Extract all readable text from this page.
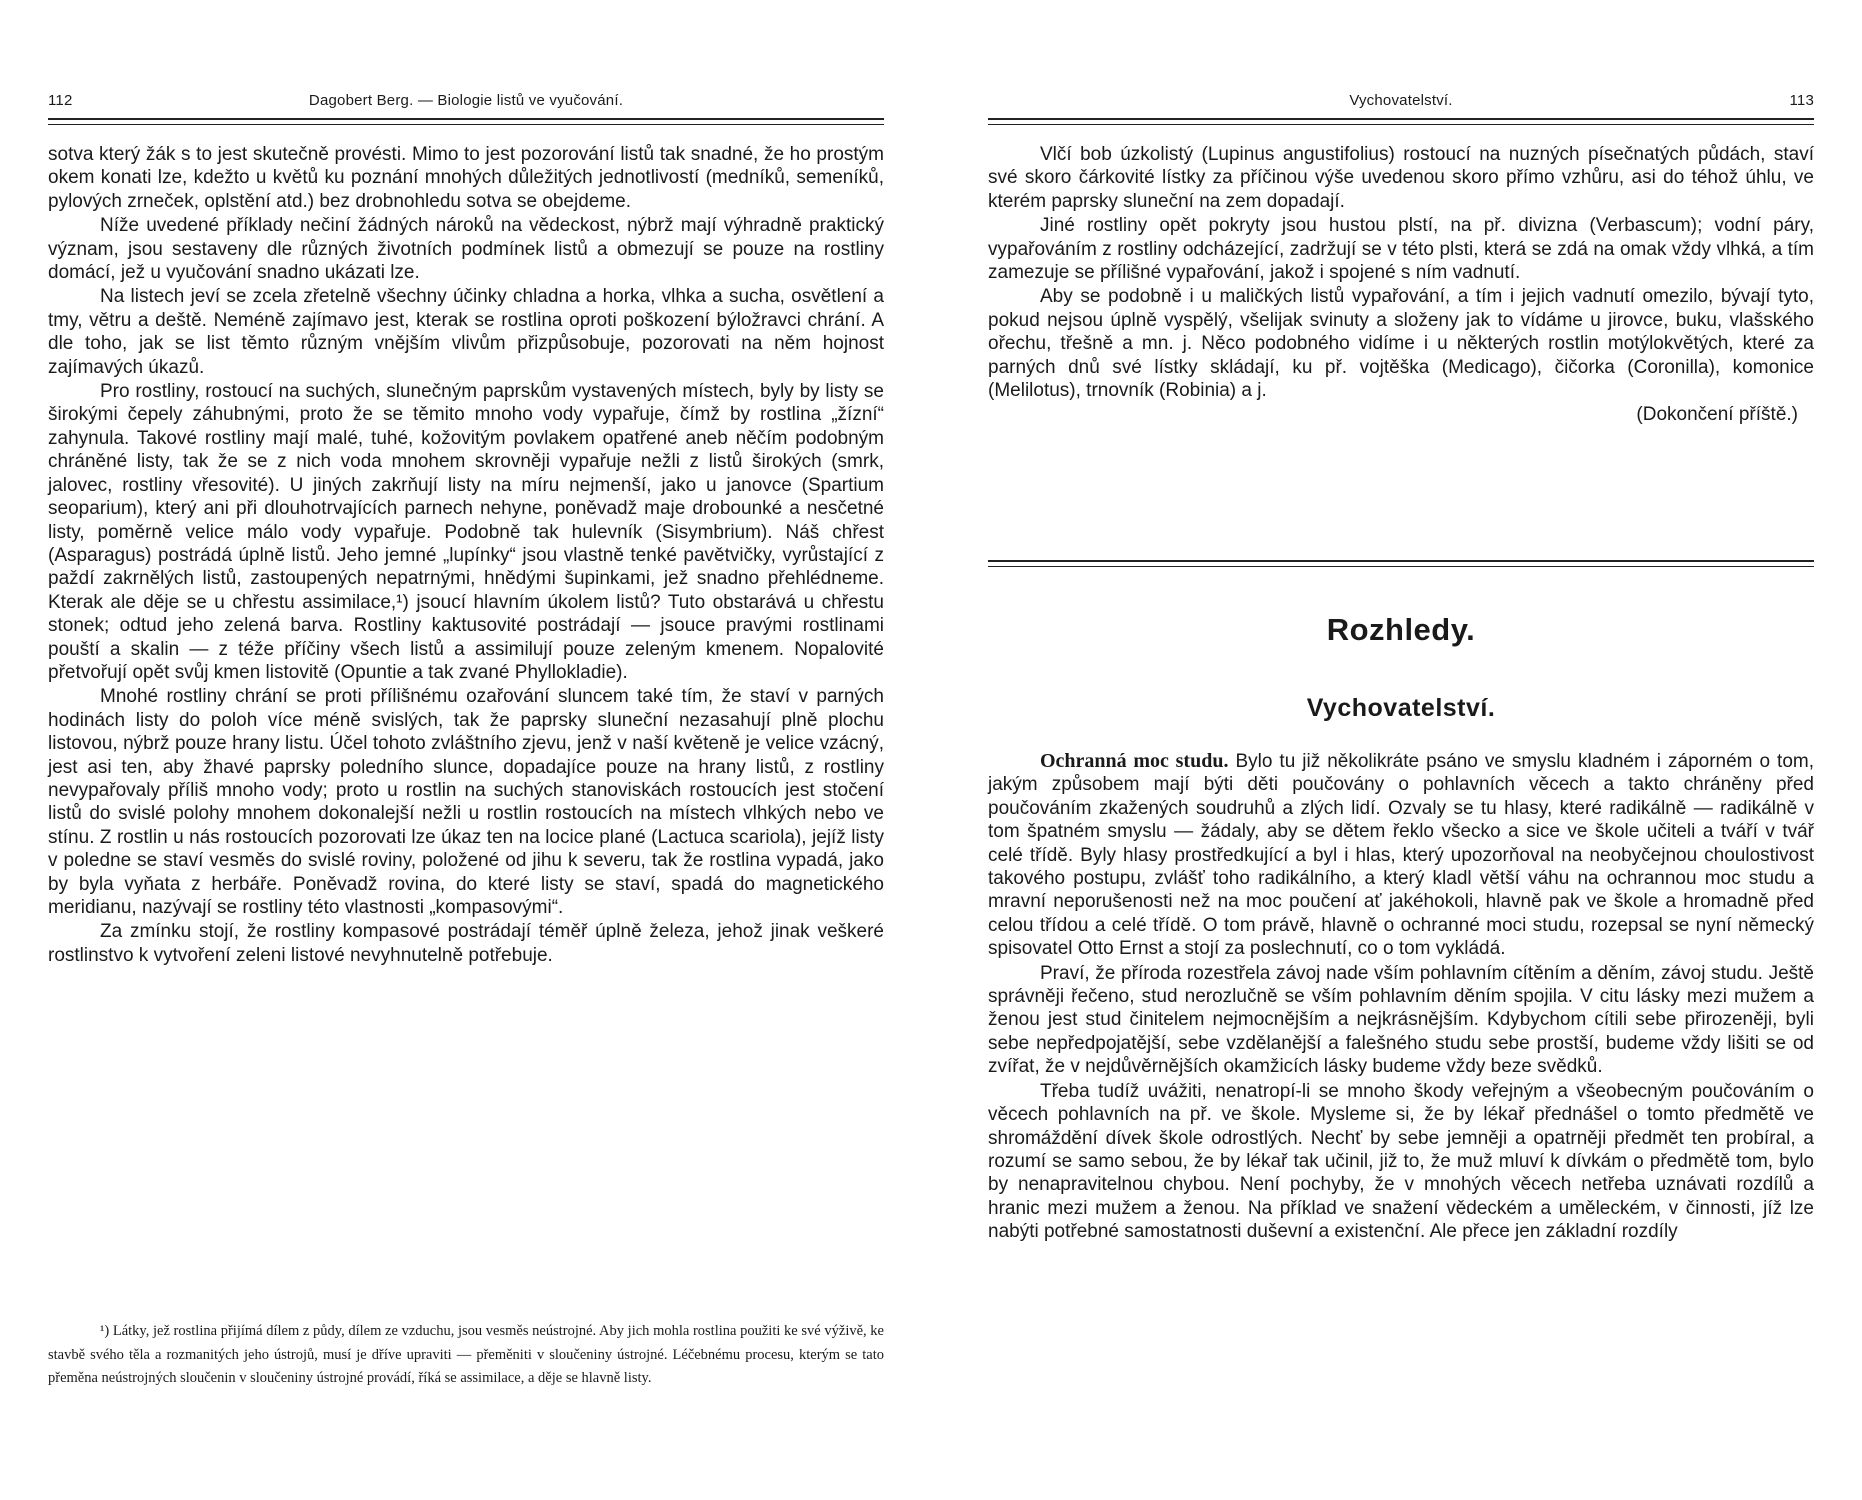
112	Dagobert Berg. — Biologie listů ve vyučování.

sotva který žák s to jest skutečně provésti. Mimo to jest pozorování listů tak snadné, že ho prostým okem konati lze, kdežto u květů ku poznání mnohých důležitých jednotlivostí (medníků, semeníků, pylových zrneček, oplstění atd.) bez drobnohledu sotva se obejdeme.

Níže uvedené příklady nečiní žádných nároků na vědeckost, nýbrž mají výhradně praktický význam, jsou sestaveny dle různých životních podmínek listů a obmezují se pouze na rostliny domácí, jež u vyučování snadno ukázati lze.

Na listech jeví se zcela zřetelně všechny účinky chladna a horka, vlhka a sucha, osvětlení a tmy, větru a deště. Neméně zajímavo jest, kterak se rostlina oproti poškození býložravci chrání. A dle toho, jak se list těmto různým vnějším vlivům přizpůsobuje, pozorovati na něm hojnost zajímavých úkazů.

Pro rostliny, rostoucí na suchých, slunečným paprskům vystavených místech, byly by listy se širokými čepely záhubnými, proto že se těmito mnoho vody vypařuje, čímž by rostlina „žízní“ zahynula. Takové rostliny mají malé, tuhé, kožovitým povlakem opatřené aneb něčím podobným chráněné listy, tak že se z nich voda mnohem skrovněji vypařuje nežli z listů širokých (smrk, jalovec, rostliny vřesovité). U jiných zakrňují listy na míru nejmenší, jako u janovce (Spartium seoparium), který ani při dlouhotrvajících parnech nehyne, poněvadž maje drobounké a nesčetné listy, poměrně velice málo vody vypařuje. Podobně tak hulevník (Sisymbrium). Náš chřest (Asparagus) postrádá úplně listů. Jeho jemné „lupínky“ jsou vlastně tenké pavětvičky, vyrůstající z paždí zakrnělých listů, zastoupených nepatrnými, hnědými šupinkami, jež snadno přehlédneme. Kterak ale děje se u chřestu assimilace,¹) jsoucí hlavním úkolem listů? Tuto obstarává u chřestu stonek; odtud jeho zelená barva. Rostliny kaktusovité postrádají — jsouce pravými rostlinami pouští a skalin — z téže příčiny všech listů a assimilují pouze zeleným kmenem. Nopalovité přetvořují opět svůj kmen listovitě (Opuntie a tak zvané Phyllokladie).

Mnohé rostliny chrání se proti přílišnému ozařování sluncem také tím, že staví v parných hodinách listy do poloh více méně svislých, tak že paprsky sluneční nezasahují plně plochu listovou, nýbrž pouze hrany listu. Účel tohoto zvláštního zjevu, jenž v naší květeně je velice vzácný, jest asi ten, aby žhavé paprsky poledního slunce, dopadajíce pouze na hrany listů, z rostliny nevypařovaly příliš mnoho vody; proto u rostlin na suchých stanoviskách rostoucích jest stočení listů do svislé polohy mnohem dokonalejší nežli u rostlin rostoucích na místech vlhkých nebo ve stínu. Z rostlin u nás rostoucích pozorovati lze úkaz ten na locice plané (Lactuca scariola), jejíž listy v poledne se staví vesměs do svislé roviny, položené od jihu k severu, tak že rostlina vypadá, jako by byla vyňata z herbáře. Poněvadž rovina, do které listy se staví, spadá do magnetického meridianu, nazývají se rostliny této vlastnosti „kompasovými“.

Za zmínku stojí, že rostliny kompasové postrádají téměř úplně železa, jehož jinak veškeré rostlinstvo k vytvoření zeleni listové nevyhnutelně potřebuje.

¹) Látky, jež rostlina přijímá dílem z půdy, dílem ze vzduchu, jsou vesměs neústrojné. Aby jich mohla rostlina použiti ke své výživě, ke stavbě svého těla a rozmanitých jeho ústrojů, musí je dříve upraviti — přeměniti v sloučeniny ústrojné. Léčebnému procesu, kterým se tato přeměna neústrojných sloučenin v sloučeniny ústrojné provádí, říká se assimilace, a děje se hlavně listy.

Vychovatelství.	113

Vlčí bob úzkolistý (Lupinus angustifolius) rostoucí na nuzných písečnatých půdách, staví své skoro čárkovité lístky za příčinou výše uvedenou skoro přímo vzhůru, asi do téhož úhlu, ve kterém paprsky sluneční na zem dopadají.

Jiné rostliny opět pokryty jsou hustou plstí, na př. divizna (Verbascum); vodní páry, vypařováním z rostliny odcházející, zadržují se v této plsti, která se zdá na omak vždy vlhká, a tím zamezuje se přílišné vypařování, jakož i spojené s ním vadnutí.

Aby se podobně i u maličkých listů vypařování, a tím i jejich vadnutí omezilo, bývají tyto, pokud nejsou úplně vyspělý, všelijak svinuty a složeny jak to vídáme u jirovce, buku, vlašského ořechu, třešně a mn. j. Něco podobného vidíme i u některých rostlin motýlokvětých, které za parných dnů své lístky skládají, ku př. vojtěška (Medicago), čičorka (Coronilla), komonice (Melilotus), trnovník (Robinia) a j.

(Dokončení příště.)

Rozhledy.
Vychovatelství.

Ochranná moc studu. Bylo tu již několikráte psáno ve smyslu kladném i záporném o tom, jakým způsobem mají býti děti poučovány o pohlavních věcech a takto chráněny před poučováním zkažených soudruhů a zlých lidí. Ozvaly se tu hlasy, které radikálně — radikálně v tom špatném smyslu — žádaly, aby se dětem řeklo všecko a sice ve škole učiteli a tváří v tvář celé třídě. Byly hlasy prostředkující a byl i hlas, který upozorňoval na neobyčejnou choulostivost takového postupu, zvlášť toho radikálního, a který kladl větší váhu na ochrannou moc studu a mravní neporušenosti než na moc poučení ať jakéhokoli, hlavně pak ve škole a hromadně před celou třídou a celé třídě. O tom právě, hlavně o ochranné moci studu, rozepsal se nyní německý spisovatel Otto Ernst a stojí za poslechnutí, co o tom vykládá.

Praví, že příroda rozestřela závoj nade vším pohlavním cítěním a děním, závoj studu. Ještě správněji řečeno, stud nerozlučně se vším pohlavním děním spojila. V citu lásky mezi mužem a ženou jest stud činitelem nejmocnějším a nejkrásnějším. Kdybychom cítili sebe přirozeněji, byli sebe nepředpojatější, sebe vzdělanější a falešného studu sebe prostší, budeme vždy lišiti se od zvířat, že v nejdůvěrnějších okamžicích lásky budeme vždy beze svědků.

Třeba tudíž uvážiti, nenatropí-li se mnoho škody veřejným a všeobecným poučováním o věcech pohlavních na př. ve škole. Mysleme si, že by lékař přednášel o tomto předmětě ve shromáždění dívek škole odrostlých. Nechť by sebe jemněji a opatrněji předmět ten probíral, a rozumí se samo sebou, že by lékař tak učinil, již to, že muž mluví k dívkám o předmětě tom, bylo by nenapravitelnou chybou. Není pochyby, že v mnohých věcech netřeba uznávati rozdílů a hranic mezi mužem a ženou. Na příklad ve snažení vědeckém a uměleckém, v činnosti, jíž lze nabýti potřebné samostatnosti duševní a existenční. Ale přece jen základní rozdíly
